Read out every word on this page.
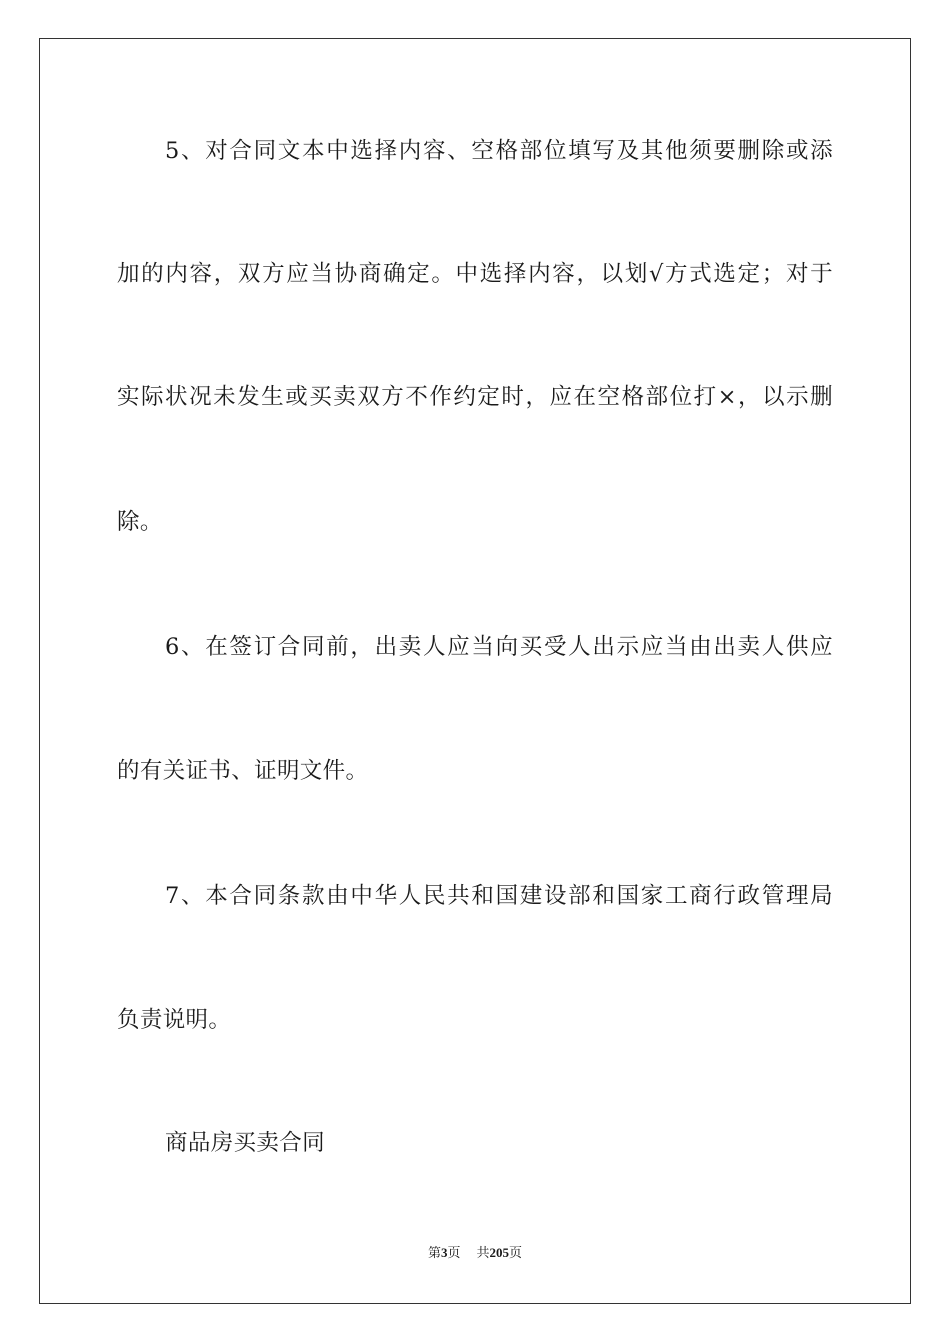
5、对合同文本中选择内容、空格部位填写及其他须要删除或添
加的内容，双方应当协商确定。中选择内容，以划√方式选定；对于
实际状况未发生或买卖双方不作约定时，应在空格部位打×，以示删
除。
6、在签订合同前，出卖人应当向买受人出示应当由出卖人供应
的有关证书、证明文件。
7、本合同条款由中华人民共和国建设部和国家工商行政管理局
负责说明。
商品房买卖合同
第3页 共205页
